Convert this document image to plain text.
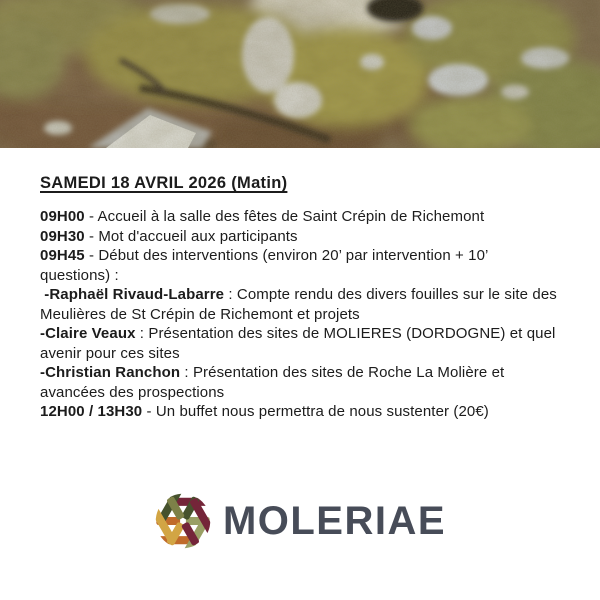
SAMEDI 18 AVRIL 2026 (Matin)
09H00 - Accueil à la salle des fêtes de Saint Crépin de Richemont
09H30 - Mot d'accueil aux participants
09H45 - Début des interventions (environ 20’ par intervention + 10’
questions) :
-Raphaël Rivaud-Labarre : Compte rendu des divers fouilles sur le site des
Meulières de St Crépin de Richemont et projets
-Claire Veaux : Présentation des sites de MOLIERES (DORDOGNE) et quel
avenir pour ces sites
-Christian Ranchon : Présentation des sites de Roche La Molière et
avancées des prospections
12H00 / 13H30 - Un buffet nous permettra de nous sustenter (20€)
MOLERIAE
